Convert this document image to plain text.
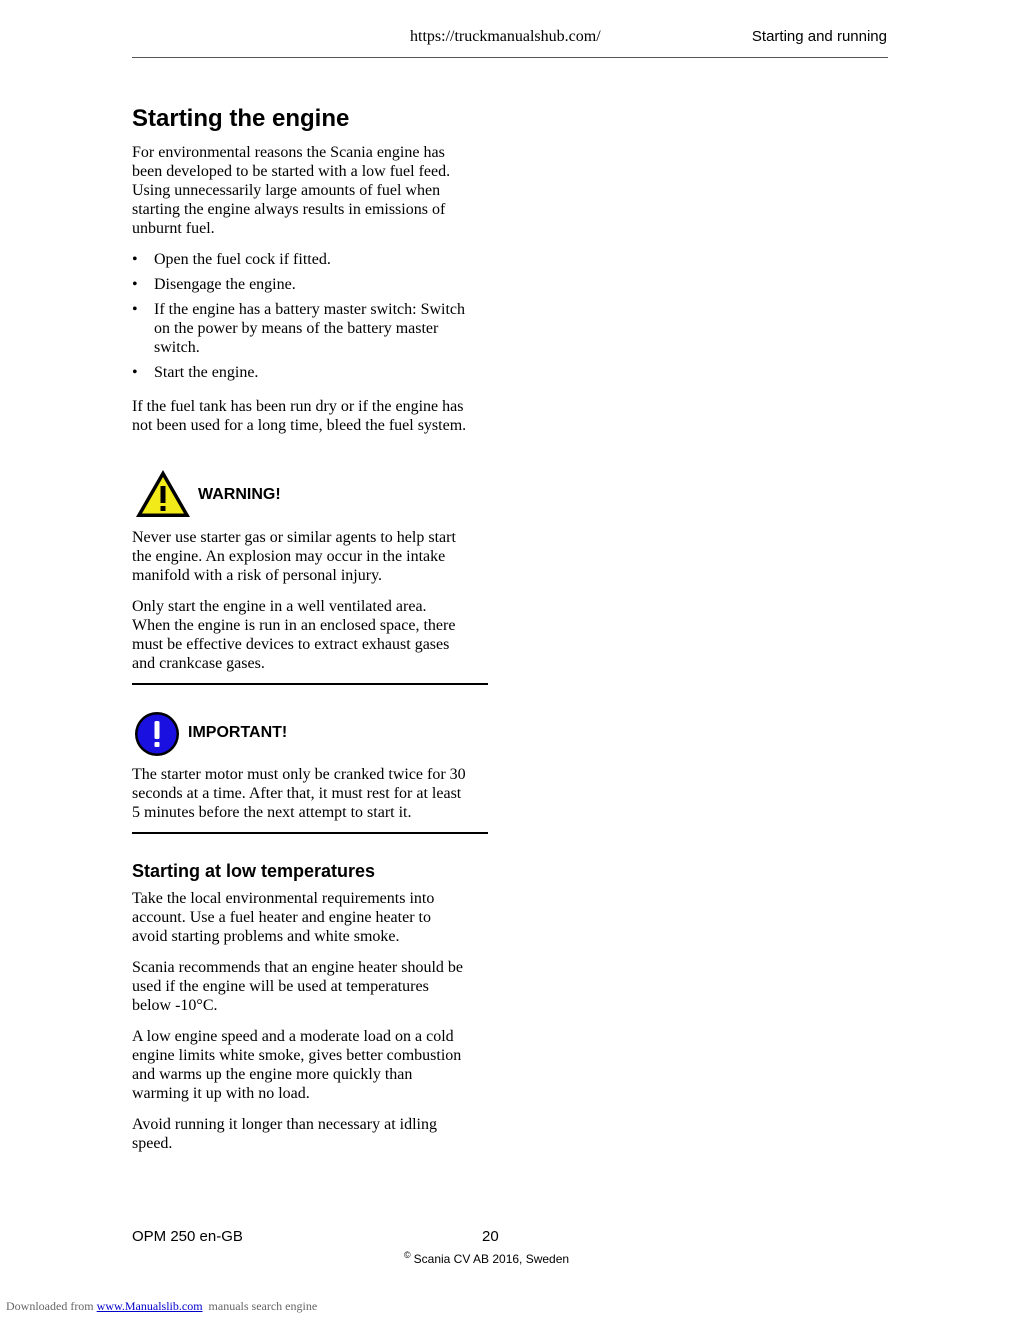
https://truckmanualshub.com/	Starting and running
Starting the engine
For environmental reasons the Scania engine has been developed to be started with a low fuel feed. Using unnecessarily large amounts of fuel when starting the engine always results in emissions of unburnt fuel.
• Open the fuel cock if fitted.
• Disengage the engine.
• If the engine has a battery master switch: Switch on the power by means of the battery master switch.
• Start the engine.
If the fuel tank has been run dry or if the engine has not been used for a long time, bleed the fuel system.
WARNING!
Never use starter gas or similar agents to help start the engine. An explosion may occur in the intake manifold with a risk of personal injury.
Only start the engine in a well ventilated area. When the engine is run in an enclosed space, there must be effective devices to extract exhaust gases and crankcase gases.
IMPORTANT!
The starter motor must only be cranked twice for 30 seconds at a time. After that, it must rest for at least 5 minutes before the next attempt to start it.
Starting at low temperatures
Take the local environmental requirements into account. Use a fuel heater and engine heater to avoid starting problems and white smoke.
Scania recommends that an engine heater should be used if the engine will be used at temperatures below -10°C.
A low engine speed and a moderate load on a cold engine limits white smoke, gives better combustion and warms up the engine more quickly than warming it up with no load.
Avoid running it longer than necessary at idling speed.
OPM 250 en-GB	20
© Scania CV AB 2016, Sweden
Downloaded from www.Manualslib.com manuals search engine
